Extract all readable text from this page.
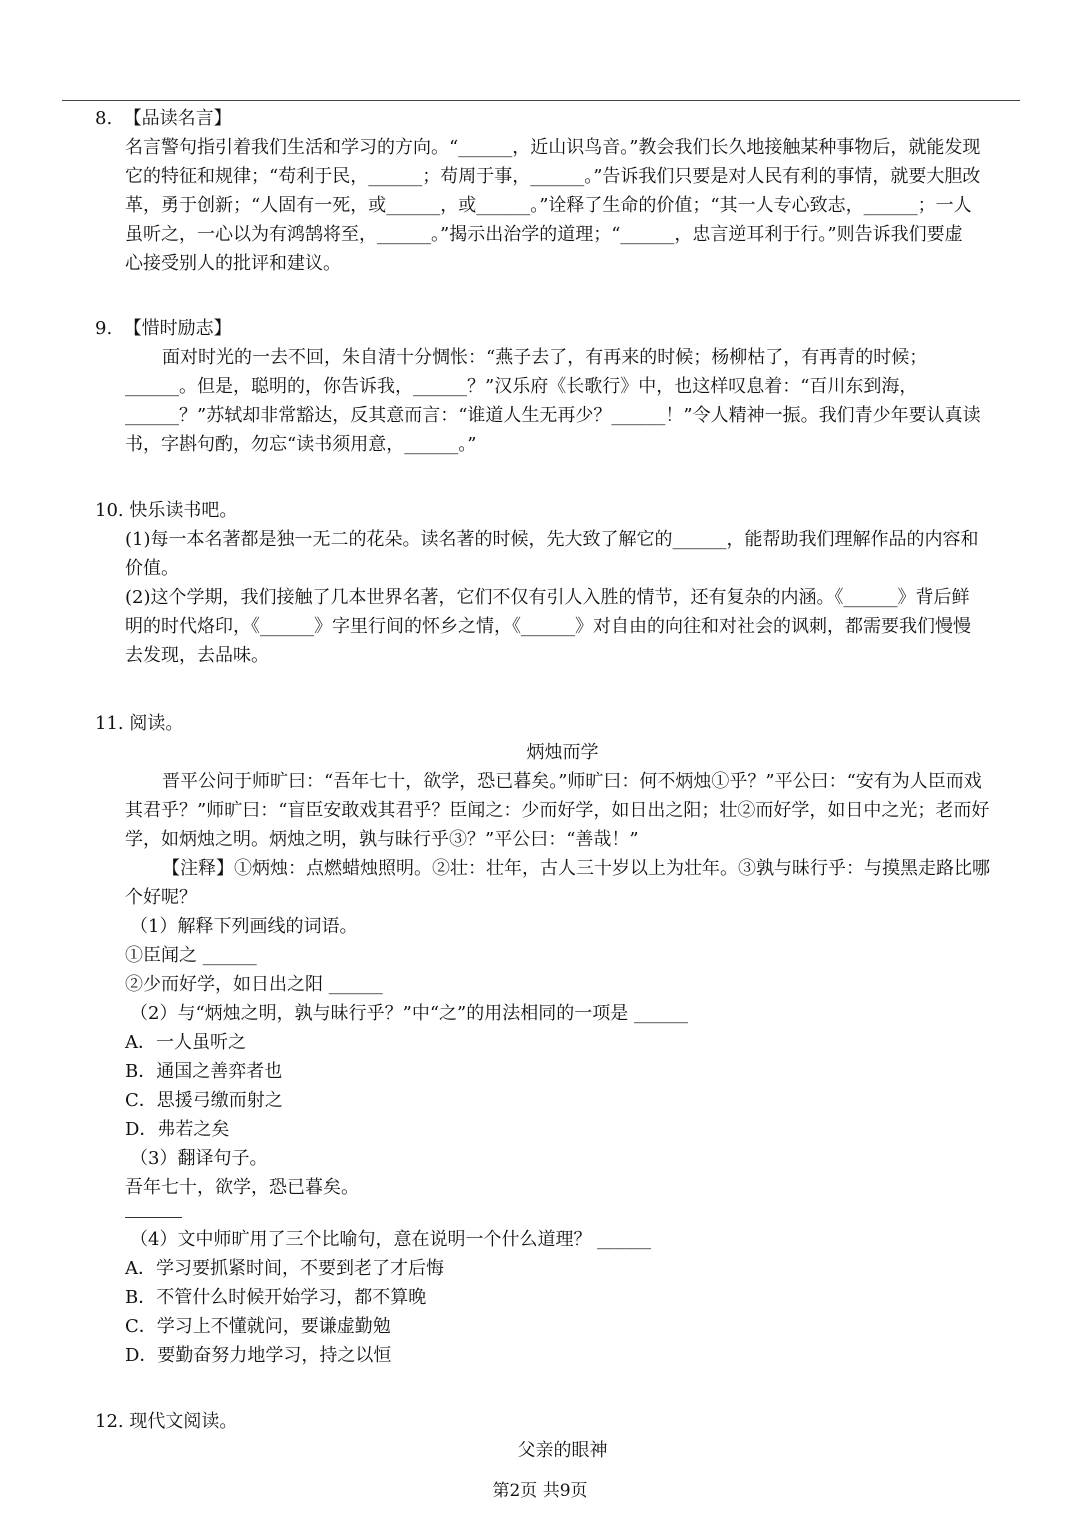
8.  【品读名言】
名言警句指引着我们生活和学习的方向。“______，近山识鸟音。”教会我们长久地接触某种事物后，就能发现
它的特征和规律；“苟利于民，______；苟周于事，______。”告诉我们只要是对人民有利的事情，就要大胆改
革，勇于创新；“人固有一死，或______，或______。”诠释了生命的价值；“其一人专心致志，______；一人
虽听之，一心以为有鸿鹄将至，______。”揭示出治学的道理；“______，忠言逆耳利于行。”则告诉我们要虚
心接受别人的批评和建议。
9.  【惜时励志】
面对时光的一去不回，朱自清十分惆怅：“燕子去了，有再来的时候；杨柳枯了，有再青的时候；
______。但是，聪明的，你告诉我，______？”汉乐府《长歌行》中，也这样叹息着：“百川东到海，
______？”苏轼却非常豁达，反其意而言：“谁道人生无再少？______！”令人精神一振。我们青少年要认真读
书，字斟句酌，勿忘“读书须用意，______。”
10. 快乐读书吧。
(1)每一本名著都是独一无二的花朵。读名著的时候，先大致了解它的______，能帮助我们理解作品的内容和
价值。
(2)这个学期，我们接触了几本世界名著，它们不仅有引人入胜的情节，还有复杂的内涵。《______》背后鲜
明的时代烙印，《______》字里行间的怀乡之情，《______》对自由的向往和对社会的讽刺，都需要我们慢慢
去发现，去品味。
11. 阅读。
炳烛而学
晋平公问于师旷曰：“吾年七十，欲学，恐已暮矣。”师旷曰：何不炳烛①乎？”平公曰：“安有为人臣而戏
其君乎？”师旷曰：“盲臣安敢戏其君乎？臣闻之：少而好学，如日出之阳；壮②而好学，如日中之光；老而好
学，如炳烛之明。炳烛之明，孰与昧行乎③？”平公曰：“善哉！”
【注释】①炳烛：点燃蜡烛照明。②壮：壮年，古人三十岁以上为壮年。③孰与昧行乎：与摸黑走路比哪
个好呢？
（1）解释下列画线的词语。
①臣闻之 ______
②少而好学，如日出之阳 ______
（2）与“炳烛之明，孰与昧行乎？”中“之”的用法相同的一项是 ______
A．一人虽听之
B．通国之善弈者也
C．思援弓缴而射之
D．弗若之矣
（3）翻译句子。
吾年七十，欲学，恐已暮矣。
（4）文中师旷用了三个比喻句，意在说明一个什么道理？ ______
A．学习要抓紧时间，不要到老了才后悔
B．不管什么时候开始学习，都不算晚
C．学习上不懂就问，要谦虚勤勉
D．要勤奋努力地学习，持之以恒
12. 现代文阅读。
父亲的眼神
第2页 共9页
